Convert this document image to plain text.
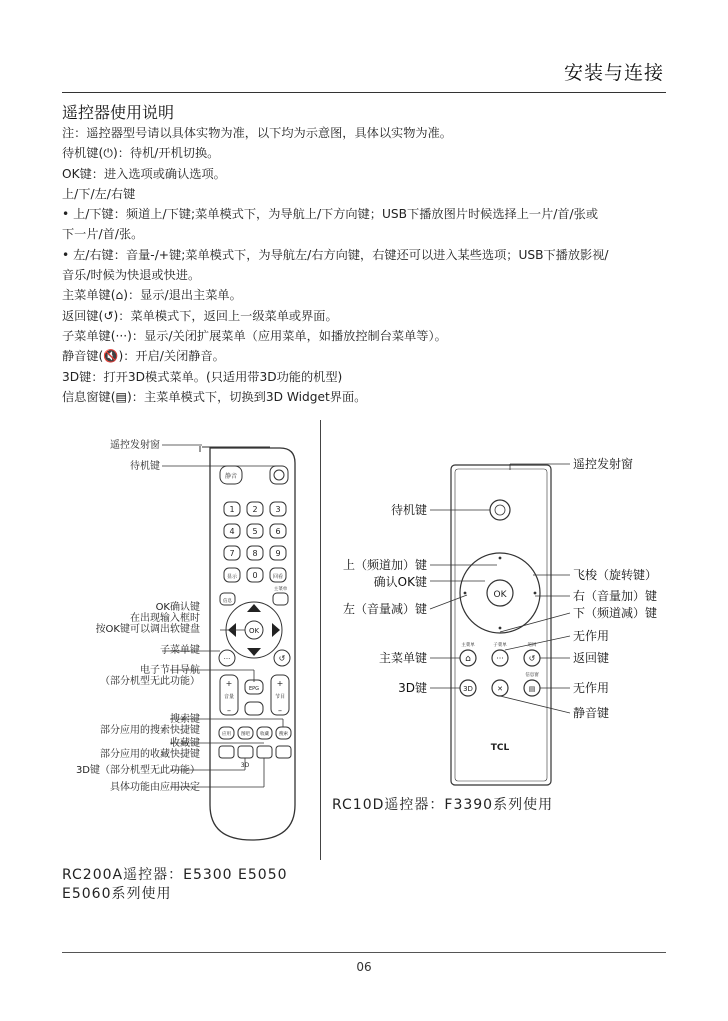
安装与连接
遥控器使用说明
注：遥控器型号请以具体实物为准，以下均为示意图，具体以实物为准。
待机键(⏻)：待机/开机切换。
OK键：进入选项或确认选项。
上/下/左/右键
• 上/下键：频道上/下键;菜单模式下，为导航上/下方向键；USB下播放图片时候选择上一片/首/张或
下一片/首/张。
• 左/右键：音量-/+键;菜单模式下，为导航左/右方向键，右键还可以进入某些选项；USB下播放影视/
音乐/时候为快退或快进。
主菜单键(⌂)：显示/退出主菜单。
返回键(↺)：菜单模式下，返回上一级菜单或界面。
子菜单键(···)：显示/关闭扩展菜单（应用菜单，如播放控制台菜单等）。
静音键(🔇)：开启/关闭静音。
3D键：打开3D模式菜单。(只适用带3D功能的机型)
信息窗键(▤)：主菜单模式下，切换到3D Widget界面。
静音
1 2 3
4 5 6
7 8 9
显示 0	回看
OK
信息
主菜单
···	↺
+
–
+
–
音量	节目
EPG
应用 图吧 收藏 搜索
3D
遥控发射窗
待机键
OK确认键
在出现输入框时
按OK键可以调出软键盘
子菜单键
电子节目导航
（部分机型无此功能）
搜索键
部分应用的搜索快捷键
收藏键
部分应用的收藏快捷键
3D键（部分机型无此功能）
具体功能由应用决定
RC200A遥控器：E5300 E5050
E5060系列使用
OK
主菜单	子菜单	返回
信息窗
⌂	···	↺
3D	✕	▤
TCL
遥控发射窗
待机键
上（频道加）键
确认OK键
左（音量减）键
飞梭（旋转键）
右（音量加）键
下（频道减）键
无作用
主菜单键	返回键
3D键	无作用
静音键
RC10D遥控器：F3390系列使用
06
